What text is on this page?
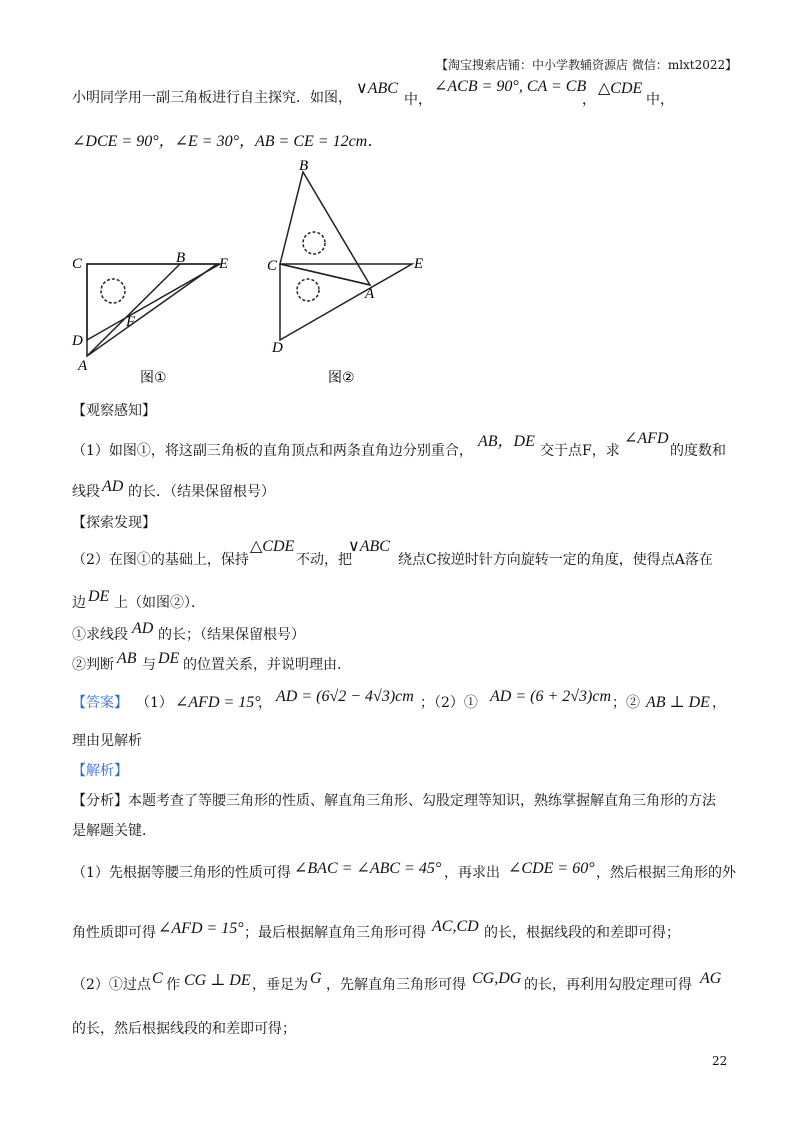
【淘宝搜索店铺：中小学教辅资源店 微信：mlxt2022】
小明同学用一副三角板进行自主探究．如图，
∨ABC
中，
∠ACB = 90°, CA = CB
，
△CDE
中，
∠DCE = 90°，∠E = 30°，AB = CE = 12cm．
C	B E
F
D
A
图①
B
C	E
A
D
图②
【观察感知】
（1）如图①，将这副三角板的直角顶点和两条直角边分别重合，
AB，DE
交于点F，求
∠AFD
的度数和
线段 AD 的长．（结果保留根号）
【探索发现】
（2）在图①的基础上，保持
△CDE
不动，把
∨ABC
绕点C按逆时针方向旋转一定的角度，使得点A落在
边 DE 上（如图②）．
①求线段 AD 的长；（结果保留根号）
②判断 AB 与 DE 的位置关系，并说明理由．
【答案】 （1） ∠AFD = 15°
， AD = (6√2 − 4√3)cm ；（2）① AD = (6 + 2√3)cm ；② AB ⊥ DE ，
理由见解析
【解析】
【分析】本题考查了等腰三角形的性质、解直角三角形、勾股定理等知识，熟练掌握解直角三角形的方法
是解题关键．
（1）先根据等腰三角形的性质可得 ∠BAC = ∠ABC = 45° ，再求出 ∠CDE = 60° ，然后根据三角形的外
角性质即可得 ∠AFD = 15° ；最后根据解直角三角形可得 AC,CD 的长，根据线段的和差即可得；
（2）①过点 C 作 CG ⊥ DE ，垂足为 G ，先解直角三角形可得 CG,DG 的长，再利用勾股定理可得 AG
的长，然后根据线段的和差即可得；
22
